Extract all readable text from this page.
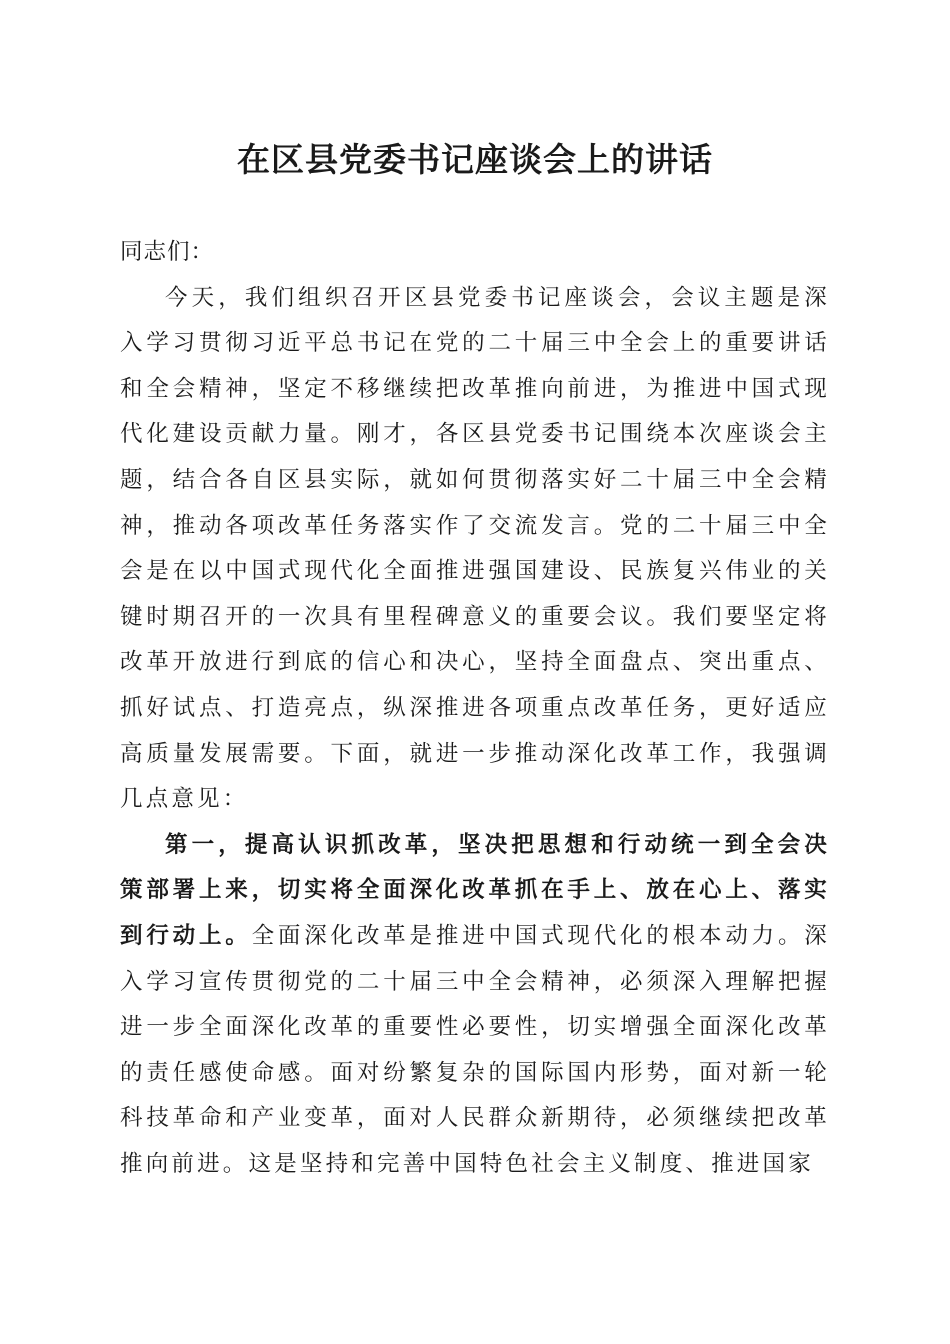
在区县党委书记座谈会上的讲话

同志们：

今天，我们组织召开区县党委书记座谈会，会议主题是深入学习贯彻习近平总书记在党的二十届三中全会上的重要讲话和全会精神，坚定不移继续把改革推向前进，为推进中国式现代化建设贡献力量。刚才，各区县党委书记围绕本次座谈会主题，结合各自区县实际，就如何贯彻落实好二十届三中全会精神，推动各项改革任务落实作了交流发言。党的二十届三中全会是在以中国式现代化全面推进强国建设、民族复兴伟业的关键时期召开的一次具有里程碑意义的重要会议。我们要坚定将改革开放进行到底的信心和决心，坚持全面盘点、突出重点、抓好试点、打造亮点，纵深推进各项重点改革任务，更好适应高质量发展需要。下面，就进一步推动深化改革工作，我强调几点意见：

第一，提高认识抓改革，坚决把思想和行动统一到全会决策部署上来，切实将全面深化改革抓在手上、放在心上、落实到行动上。全面深化改革是推进中国式现代化的根本动力。深入学习宣传贯彻党的二十届三中全会精神，必须深入理解把握进一步全面深化改革的重要性必要性，切实增强全面深化改革的责任感使命感。面对纷繁复杂的国际国内形势，面对新一轮科技革命和产业变革，面对人民群众新期待，必须继续把改革推向前进。这是坚持和完善中国特色社会主义制度、推进国家
